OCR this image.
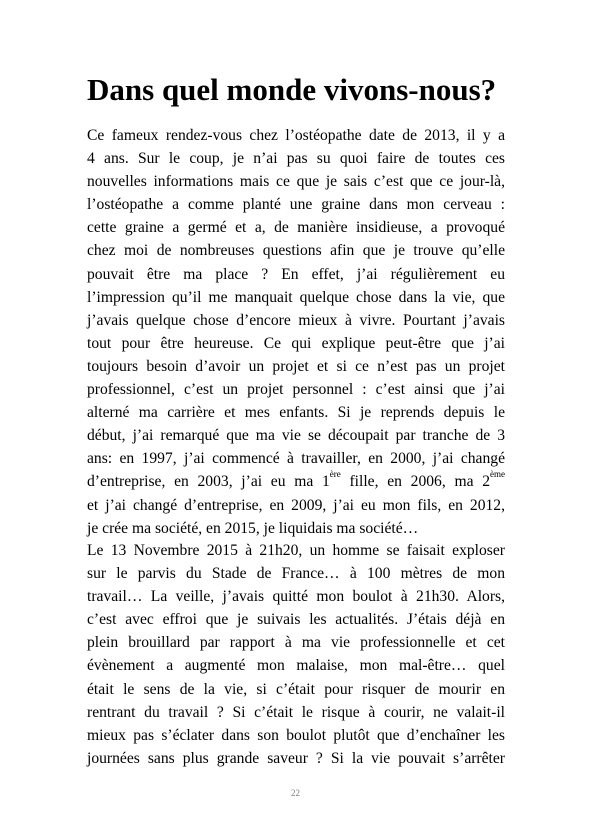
Dans quel monde vivons-nous?
Ce fameux rendez-vous chez l’ostéopathe date de 2013, il y a
4 ans. Sur le coup, je n’ai pas su quoi faire de toutes ces
nouvelles informations mais ce que je sais c’est que ce jour-là,
l’ostéopathe a comme planté une graine dans mon cerveau :
cette graine a germé et a, de manière insidieuse, a provoqué
chez moi de nombreuses questions afin que je trouve qu’elle
pouvait être ma place ? En effet, j’ai régulièrement eu
l’impression qu’il me manquait quelque chose dans la vie, que
j’avais quelque chose d’encore mieux à vivre. Pourtant j’avais
tout pour être heureuse. Ce qui explique peut-être que j’ai
toujours besoin d’avoir un projet et si ce n’est pas un projet
professionnel, c’est un projet personnel : c’est ainsi que j’ai
alterné ma carrière et mes enfants. Si je reprends depuis le
début, j’ai remarqué que ma vie se découpait par tranche de 3
ans: en 1997, j’ai commencé à travailler, en 2000, j’ai changé
d’entreprise, en 2003, j’ai eu ma 1ère fille, en 2006, ma 2ème
et j’ai changé d’entreprise, en 2009, j’ai eu mon fils, en 2012,
je crée ma société, en 2015, je liquidais ma société…
Le 13 Novembre 2015 à 21h20, un homme se faisait exploser
sur le parvis du Stade de France… à 100 mètres de mon
travail… La veille, j’avais quitté mon boulot à 21h30. Alors,
c’est avec effroi que je suivais les actualités. J’étais déjà en
plein brouillard par rapport à ma vie professionnelle et cet
évènement a augmenté mon malaise, mon mal-être… quel
était le sens de la vie, si c’était pour risquer de mourir en
rentrant du travail ? Si c’était le risque à courir, ne valait-il
mieux pas s’éclater dans son boulot plutôt que d’enchaîner les
journées sans plus grande saveur ? Si la vie pouvait s’arrêter
22
